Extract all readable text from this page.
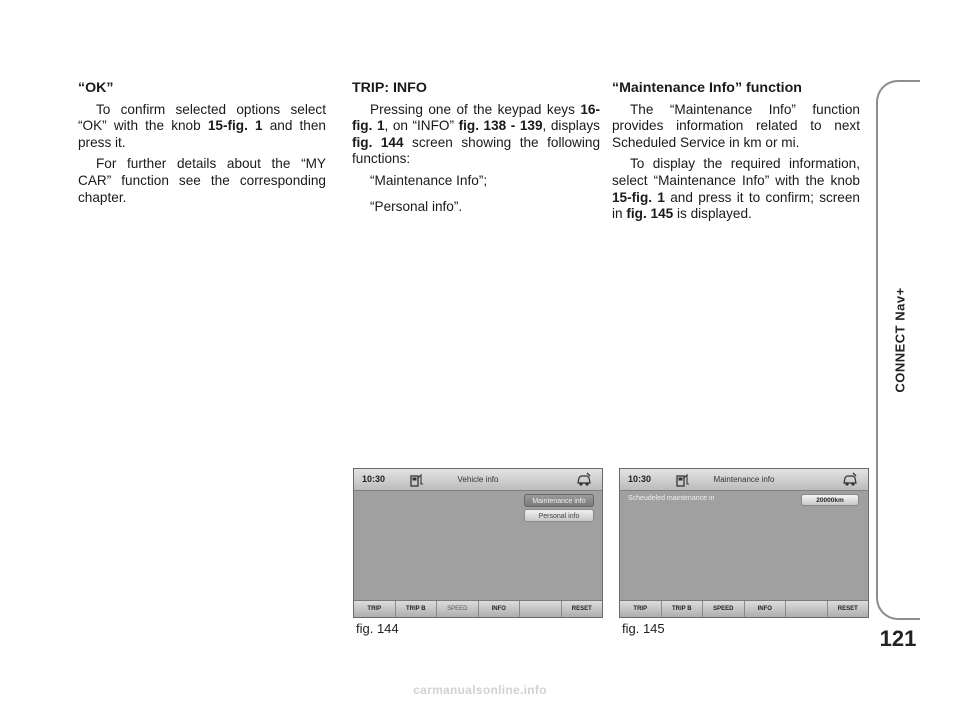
“OK”

To confirm selected options select “OK” with the knob 15-fig. 1 and then press it.

For further details about the “MY CAR” function see the corresponding chapter.

TRIP: INFO

Pressing one of the keypad keys 16-fig. 1, on “INFO” fig. 138 - 139, displays fig. 144 screen showing the following functions:

“Maintenance Info”;

“Personal info”.

“Maintenance Info” function

The “Maintenance Info” function provides information related to next Scheduled Service in km or mi.

To display the required information, select “Maintenance Info” with the knob 15-fig. 1 and press it to confirm; screen in fig. 145 is displayed.

CONNECT Nav+
121
10:30	Vehicle info
Maintenance info
Personal info
TRIP	TRIP B	SPEED	INFO	RESET
fig. 144
10:30	Maintenance info
Scheudeled maintenance in	20000km
TRIP	TRIP B	SPEED	INFO	RESET
fig. 145
carmanualsonline.info
